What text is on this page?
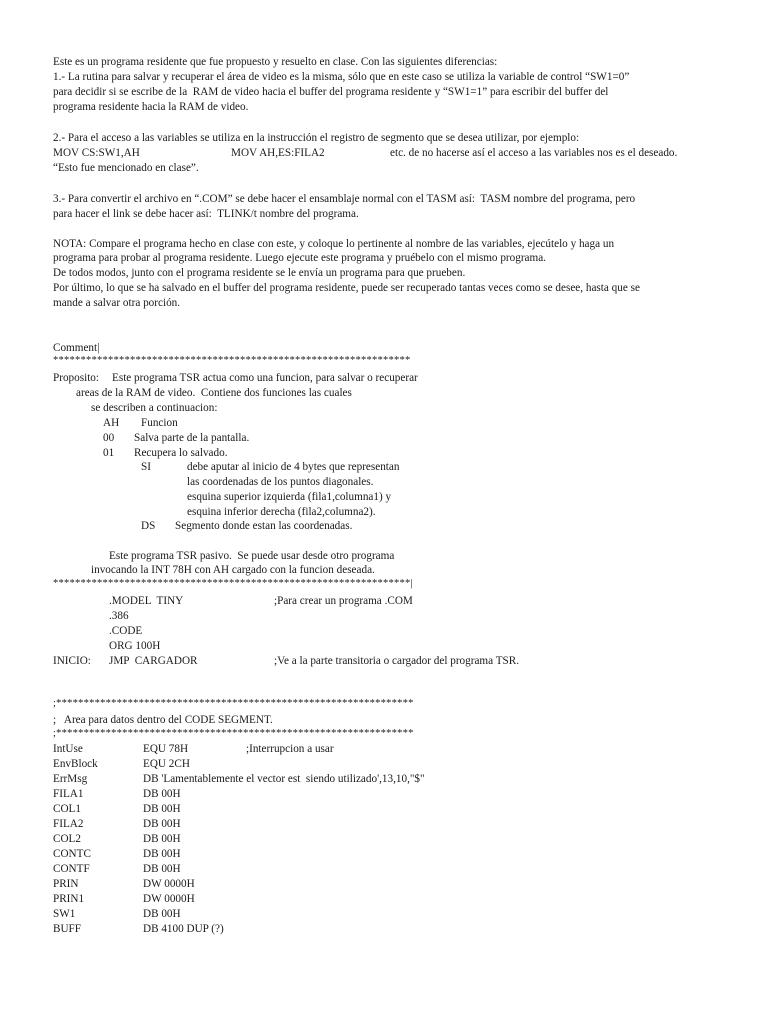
Este es un programa residente que fue propuesto y resuelto en clase. Con las siguientes diferencias:
1.- La rutina para salvar y recuperar el área de video es la misma, sólo que en este caso se utiliza la variable de control “SW1=0”
para decidir si se escribe de la  RAM de video hacia el buffer del programa residente y “SW1=1” para escribir del buffer del
programa residente hacia la RAM de video.
2.- Para el acceso a las variables se utiliza en la instrucción el registro de segmento que se desea utilizar, por ejemplo:
MOV CS:SW1,AH	MOV AH,ES:FILA2	etc. de no hacerse así el acceso a las variables nos es el deseado.
“Esto fue mencionado en clase”.
3.- Para convertir el archivo en “.COM” se debe hacer el ensamblaje normal con el TASM así:  TASM nombre del programa, pero
para hacer el link se debe hacer así:  TLINK/t nombre del programa.
NOTA: Compare el programa hecho en clase con este, y coloque lo pertinente al nombre de las variables, ejecútelo y haga un
programa para probar al programa residente. Luego ejecute este programa y pruébelo con el mismo programa.
De todos modos, junto con el programa residente se le envía un programa para que prueben.
Por último, lo que se ha salvado en el buffer del programa residente, puede ser recuperado tantas veces como se desee, hasta que se
mande a salvar otra porción.
Comment|
*****************************************************************
Proposito: Este programa TSR actua como una funcion, para salvar o recuperar
areas de la RAM de video.  Contiene dos funciones las cuales
se describen a continuacion:
AH Funcion
00 Salva parte de la pantalla.
01 Recupera lo salvado.
SI	debe aputar al inicio de 4 bytes que representan
las coordenadas de los puntos diagonales.
esquina superior izquierda (fila1,columna1) y
esquina inferior derecha (fila2,columna2).
DS Segmento donde estan las coordenadas.
Este programa TSR pasivo.  Se puede usar desde otro programa
invocando la INT 78H con AH cargado con la funcion deseada.
*****************************************************************|
.MODEL  TINY	;Para crear un programa .COM
.386
.CODE
ORG 100H
INICIO: JMP  CARGADOR	;Ve a la parte transitoria o cargador del programa TSR.
;*****************************************************************
;   Area para datos dentro del CODE SEGMENT.
;*****************************************************************
IntUse	EQU 78H	;Interrupcion a usar
EnvBlock	EQU 2CH
ErrMsg	DB 'Lamentablemente el vector est  siendo utilizado',13,10,"$"
FILA1	DB 00H
COL1	DB 00H
FILA2	DB 00H
COL2	DB 00H
CONTC	DB 00H
CONTF	DB 00H
PRIN	DW 0000H
PRIN1	DW 0000H
SW1	DB 00H
BUFF	DB 4100 DUP (?)
